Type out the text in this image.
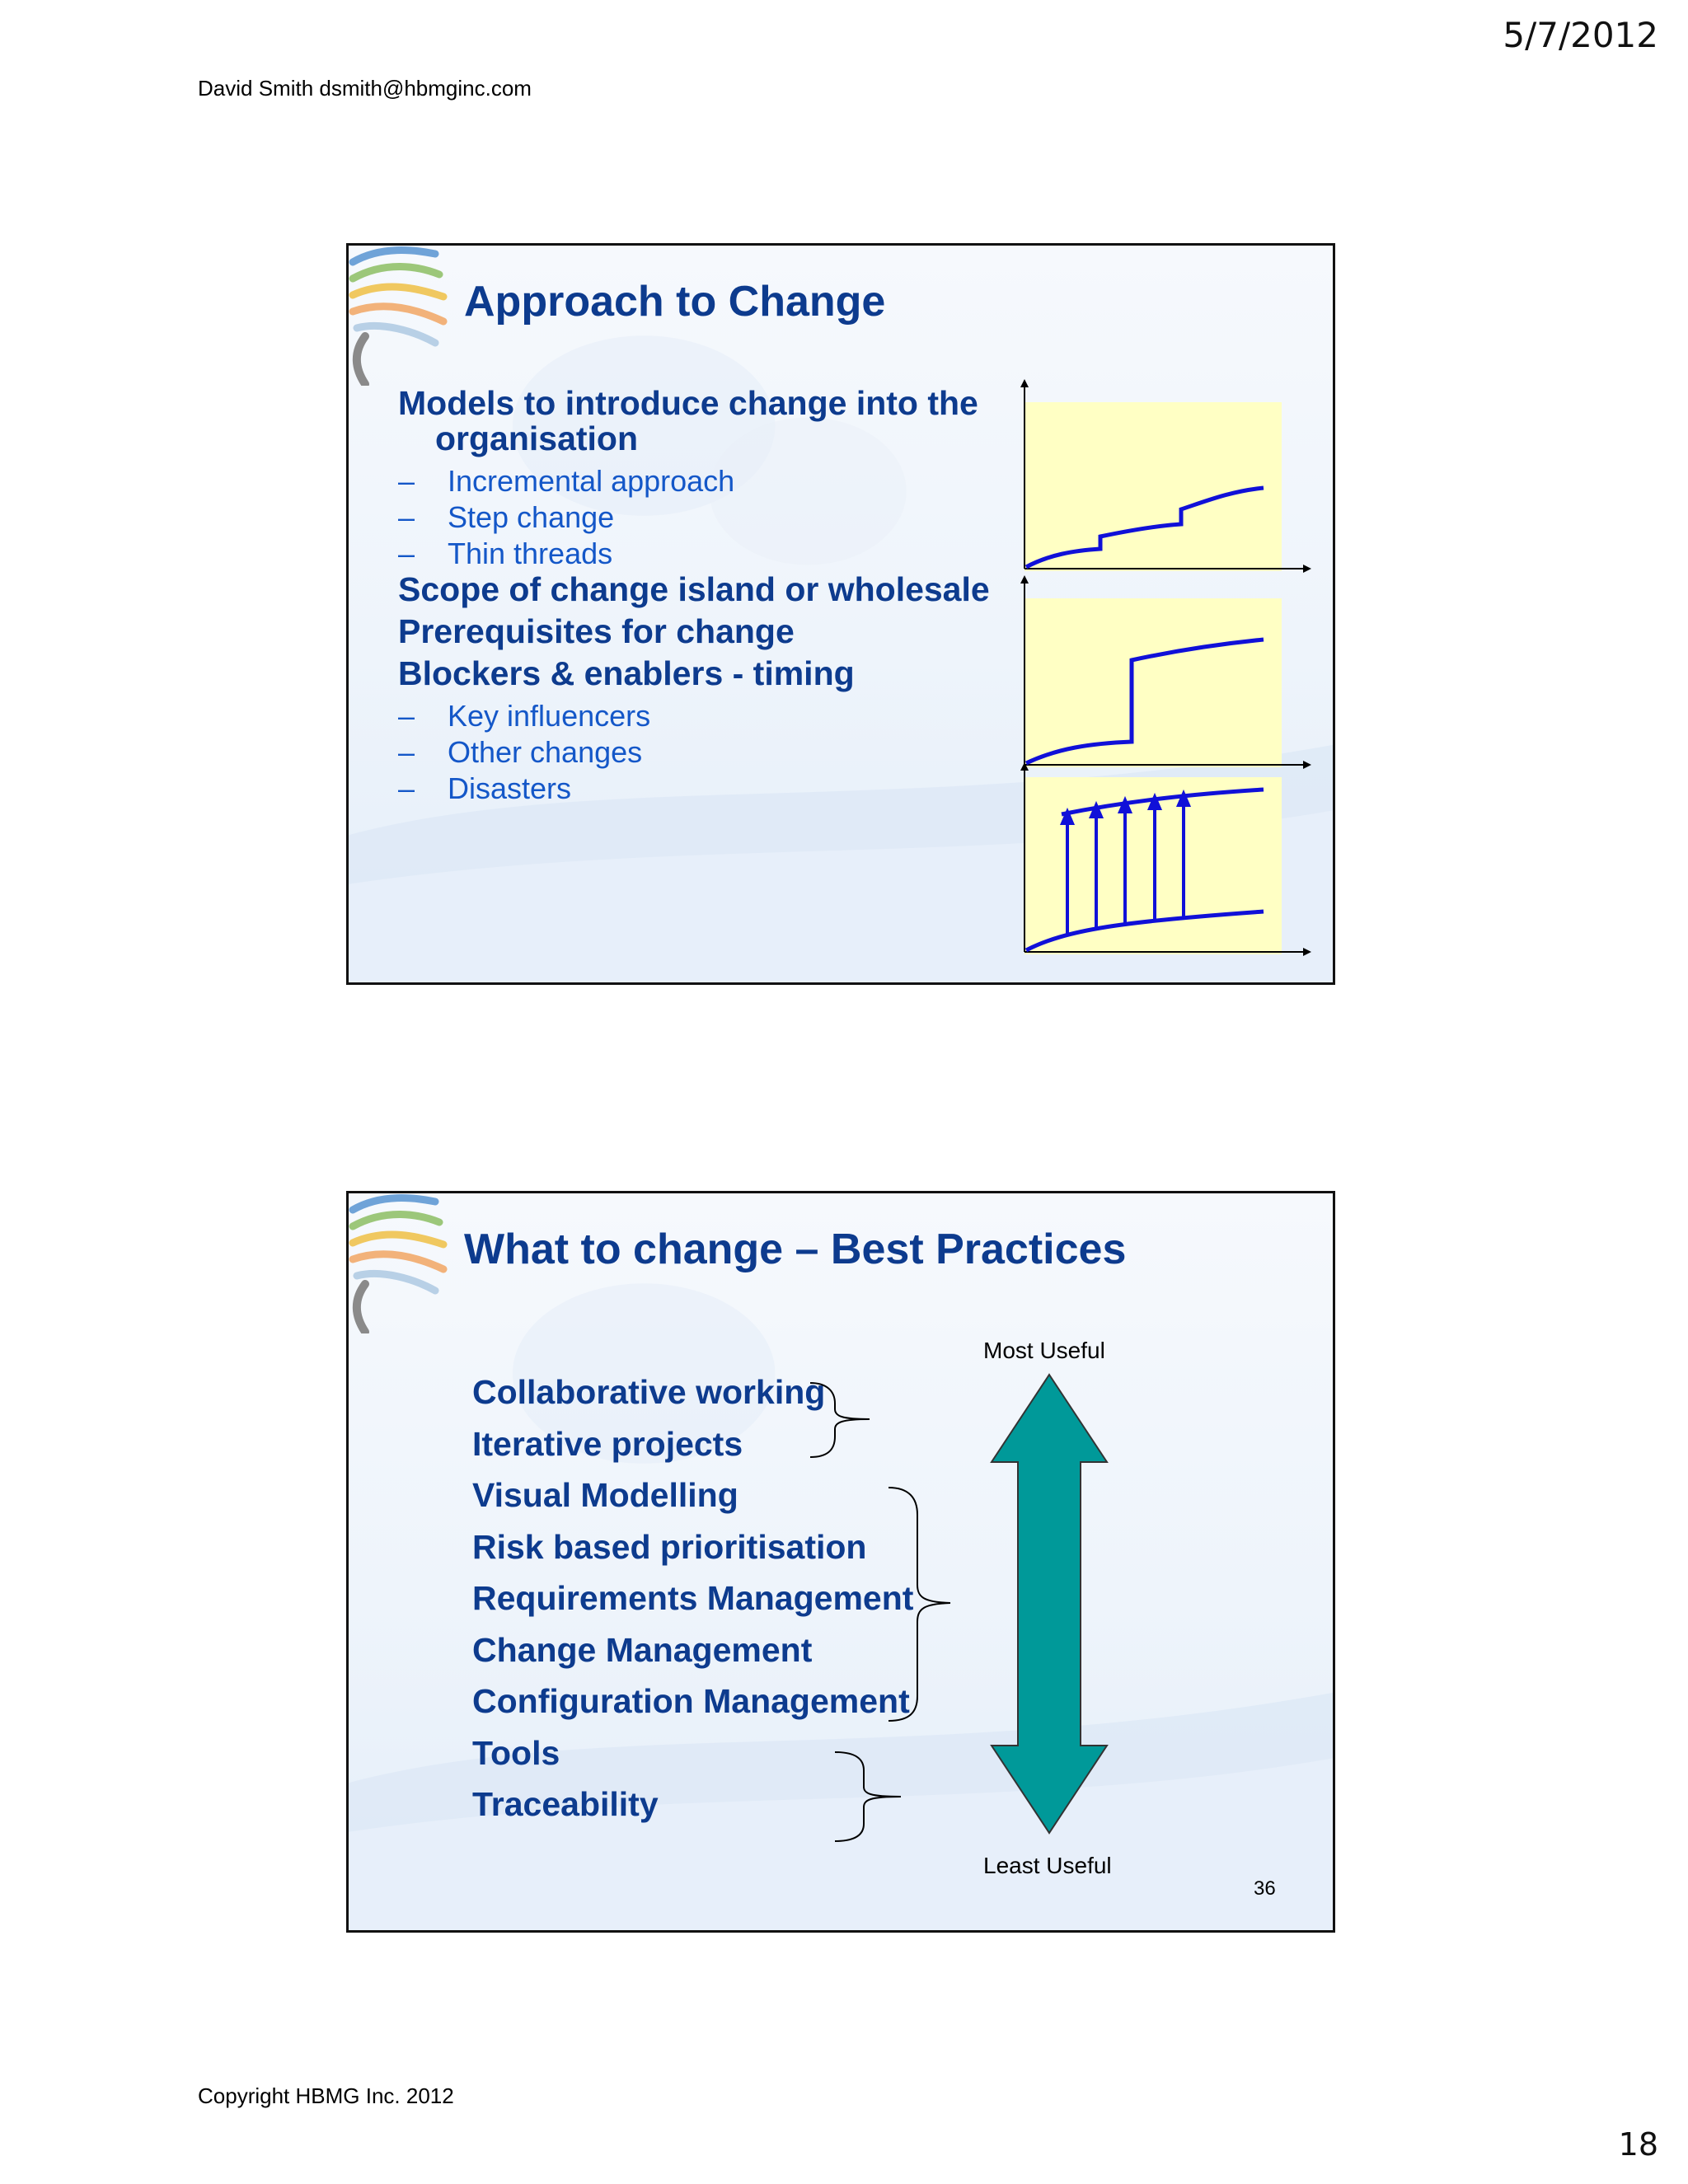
5/7/2012
David Smith dsmith@hbmginc.com
Approach to Change
Models to introduce change into the organisation
– Incremental approach
– Step change
– Thin threads
Scope of change island or wholesale
Prerequisites for change
Blockers & enablers - timing
– Key influencers
– Other changes
– Disasters
What to change – Best Practices
Most Useful
Least Useful
Collaborative working
Iterative projects
Visual Modelling
Risk based prioritisation
Requirements Management
Change Management
Configuration Management
Tools
Traceability
36
Copyright HBMG Inc. 2012
18
